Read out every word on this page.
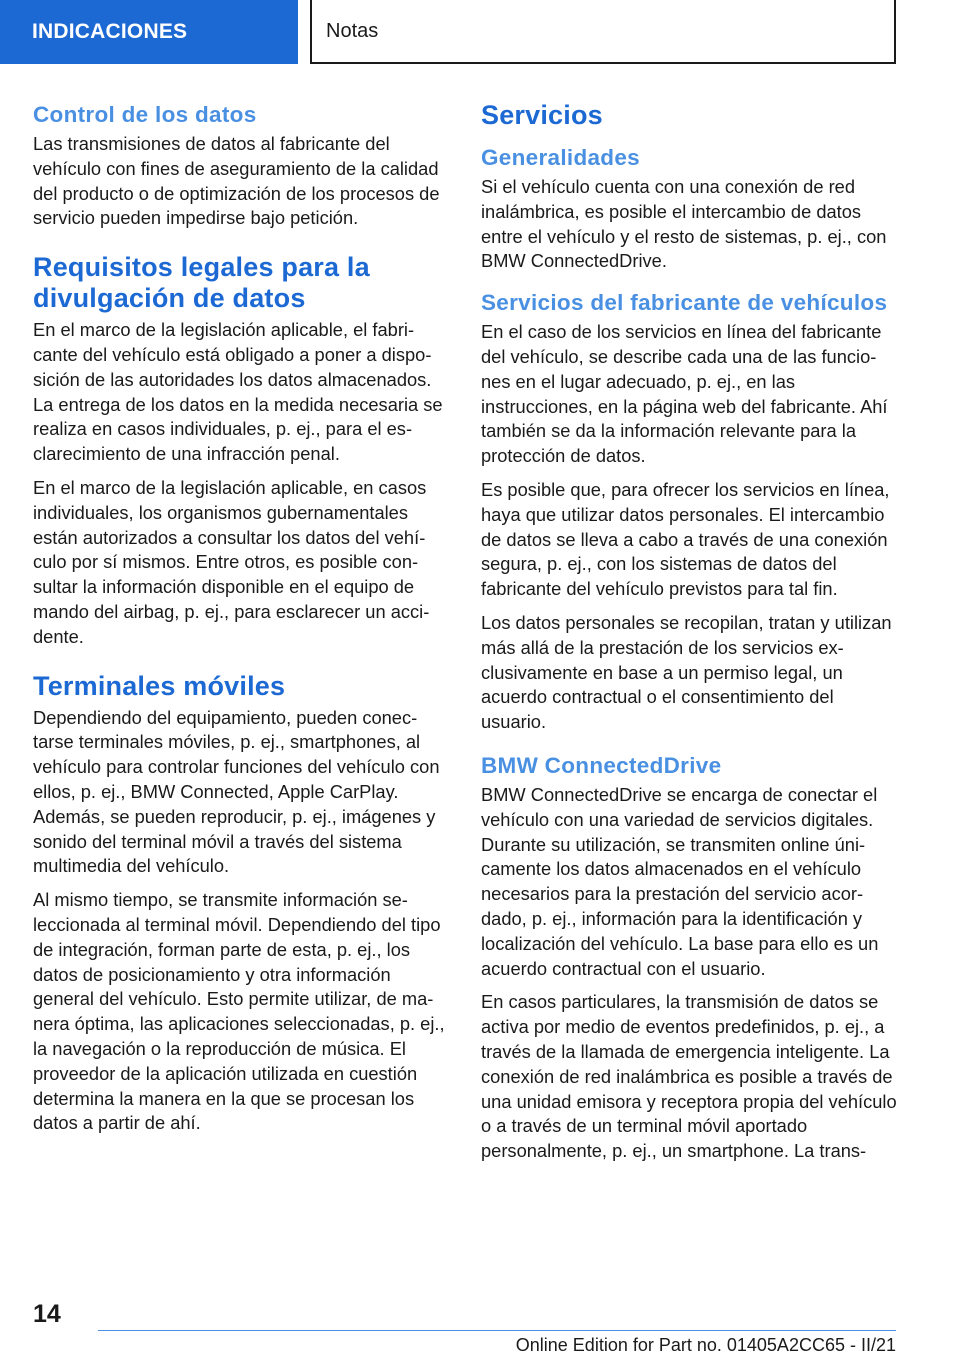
INDICACIONES	Notas
Control de los datos

Las transmisiones de datos al fabricante del vehículo con fines de aseguramiento de la calidad del producto o de optimización de los procesos de servicio pueden impedirse bajo petición.

Requisitos legales para la divulgación de datos

En el marco de la legislación aplicable, el fabricante del vehículo está obligado a poner a disposición de las autoridades los datos almacenados. La entrega de los datos en la medida necesaria se realiza en casos individuales, p. ej., para el esclarecimiento de una infracción penal.

En el marco de la legislación aplicable, en casos individuales, los organismos gubernamentales están autorizados a consultar los datos del vehículo por sí mismos. Entre otros, es posible consultar la información disponible en el equipo de mando del airbag, p. ej., para esclarecer un accidente.

Terminales móviles

Dependiendo del equipamiento, pueden conectarse terminales móviles, p. ej., smartphones, al vehículo para controlar funciones del vehículo con ellos, p. ej., BMW Connected, Apple CarPlay. Además, se pueden reproducir, p. ej., imágenes y sonido del terminal móvil a través del sistema multimedia del vehículo.

Al mismo tiempo, se transmite información seleccionada al terminal móvil. Dependiendo del tipo de integración, forman parte de esta, p. ej., los datos de posicionamiento y otra información general del vehículo. Esto permite utilizar, de manera óptima, las aplicaciones seleccionadas, p. ej., la navegación o la reproducción de música. El proveedor de la aplicación utilizada en cuestión determina la manera en la que se procesan los datos a partir de ahí.

Servicios
Generalidades

Si el vehículo cuenta con una conexión de red inalámbrica, es posible el intercambio de datos entre el vehículo y el resto de sistemas, p. ej., con BMW ConnectedDrive.

Servicios del fabricante de vehículos

En el caso de los servicios en línea del fabricante del vehículo, se describe cada una de las funciones en el lugar adecuado, p. ej., en las instrucciones, en la página web del fabricante. Ahí también se da la información relevante para la protección de datos.

Es posible que, para ofrecer los servicios en línea, haya que utilizar datos personales. El intercambio de datos se lleva a cabo a través de una conexión segura, p. ej., con los sistemas de datos del fabricante del vehículo previstos para tal fin.

Los datos personales se recopilan, tratan y utilizan más allá de la prestación de los servicios exclusivamente en base a un permiso legal, un acuerdo contractual o el consentimiento del usuario.

BMW ConnectedDrive

BMW ConnectedDrive se encarga de conectar el vehículo con una variedad de servicios digitales. Durante su utilización, se transmiten online únicamente los datos almacenados en el vehículo necesarios para la prestación del servicio acordado, p. ej., información para la identificación y localización del vehículo. La base para ello es un acuerdo contractual con el usuario.

En casos particulares, la transmisión de datos se activa por medio de eventos predefinidos, p. ej., a través de la llamada de emergencia inteligente. La conexión de red inalámbrica es posible a través de una unidad emisora y receptora propia del vehículo o a través de un terminal móvil aportado personalmente, p. ej., un smartphone. La trans-

14
Online Edition for Part no. 01405A2CC65 - II/21
